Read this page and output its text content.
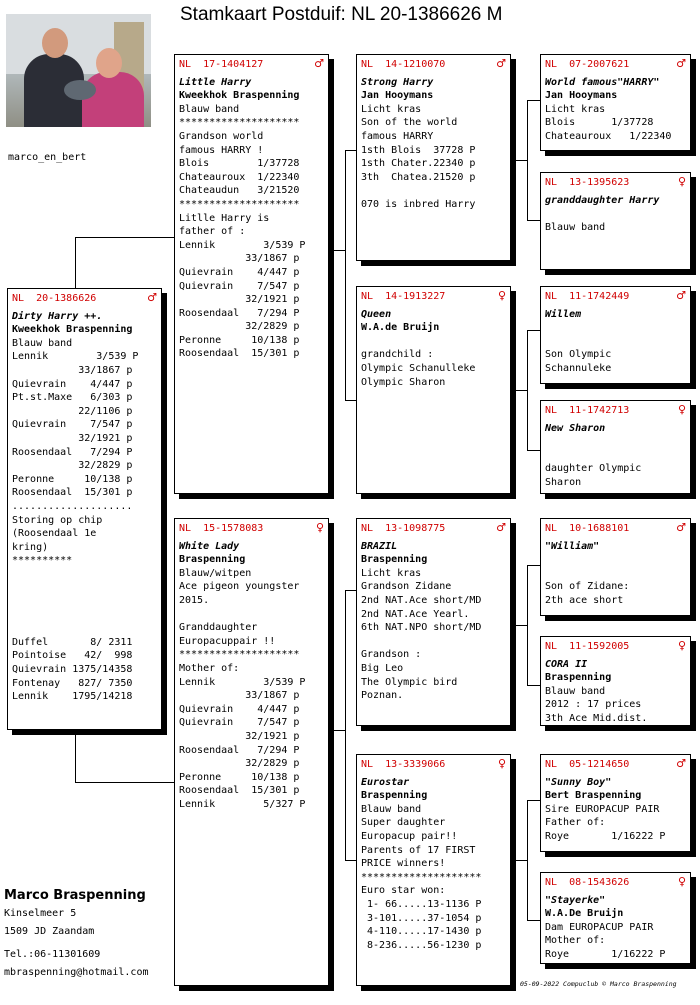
Stamkaart Postduif: NL 20-1386626 M
marco_en_bert
NL  20-1386626	♂
Dirty Harry ++.
Kweekhok Braspenning
Blauw band
Lennik        3/539 P
33/1867 p
Quievrain    4/447 p
Pt.st.Maxe   6/303 p
22/1106 p
Quievrain    7/547 p
32/1921 p
Roosendaal   7/294 P
32/2829 p
Peronne     10/138 p
Roosendaal  15/301 p
....................
Storing op chip
(Roosendaal 1e
kring)
**********
Duffel       8/ 2311
Pointoise   42/  998
Quievrain 1375/14358
Fontenay   827/ 7350
Lennik    1795/14218
NL  17-1404127	♂
Little Harry
Kweekhok Braspenning
Blauw band
********************
Grandson world
famous HARRY !
Blois        1/37728
Chateauroux  1/22340
Chateaudun   3/21520
********************
Litlle Harry is
father of :
Lennik        3/539 P
33/1867 p
Quievrain    4/447 p
Quievrain    7/547 p
32/1921 p
Roosendaal   7/294 P
32/2829 p
Peronne     10/138 p
Roosendaal  15/301 p
NL  15-1578083	♀
White Lady
Braspenning
Blauw/witpen
Ace pigeon youngster
2015.
Granddaughter
Europacuppair !!
********************
Mother of:
Lennik        3/539 P
33/1867 p
Quievrain    4/447 p
Quievrain    7/547 p
32/1921 p
Roosendaal   7/294 P
32/2829 p
Peronne     10/138 p
Roosendaal  15/301 p
Lennik        5/327 P
NL  14-1210070	♂
Strong Harry
Jan Hooymans
Licht kras
Son of the world
famous HARRY
1sth Blois  37728 P
1sth Chater.22340 p
3th  Chatea.21520 p
070 is inbred Harry
NL  14-1913227	♀
Queen
W.A.de Bruijn
grandchild :
Olympic Schanulleke
Olympic Sharon
NL  13-1098775	♂
BRAZIL
Braspenning
Licht kras
Grandson Zidane
2nd NAT.Ace short/MD
2nd NAT.Ace Yearl.
6th NAT.NPO short/MD
Grandson :
Big Leo
The Olympic bird
Poznan.
NL  13-3339066	♀
Eurostar
Braspenning
Blauw band
Super daughter
Europacup pair!!
Parents of 17 FIRST
PRICE winners!
********************
Euro star won:
1- 66.....13-1136 P
3-101.....37-1054 p
4-110.....17-1430 p
8-236.....56-1230 p
NL  07-2007621	♂
World famous"HARRY"
Jan Hooymans
Licht kras
Blois      1/37728
Chateauroux   1/22340
NL  13-1395623	♀
granddaughter Harry
Blauw band
NL  11-1742449	♂
Willem
Son Olympic
Schannuleke
NL  11-1742713	♀
New Sharon
daughter Olympic
Sharon
NL  10-1688101	♂
"William"
Son of Zidane:
2th ace short
NL  11-1592005	♀
CORA II
Braspenning
Blauw band
2012 : 17 prices
3th Ace Mid.dist.
NL  05-1214650	♂
"Sunny Boy"
Bert Braspenning
Sire EUROPACUP PAIR
Father of:
Roye       1/16222 P
NL  08-1543626	♀
"Stayerke"
W.A.De Bruijn
Dam EUROPACUP PAIR
Mother of:
Roye       1/16222 P
Marco Braspenning
Kinselmeer 5
1509 JD Zaandam
Tel.:06-11301609
mbraspenning@hotmail.com
05-09-2022 Compuclub © Marco Braspenning
